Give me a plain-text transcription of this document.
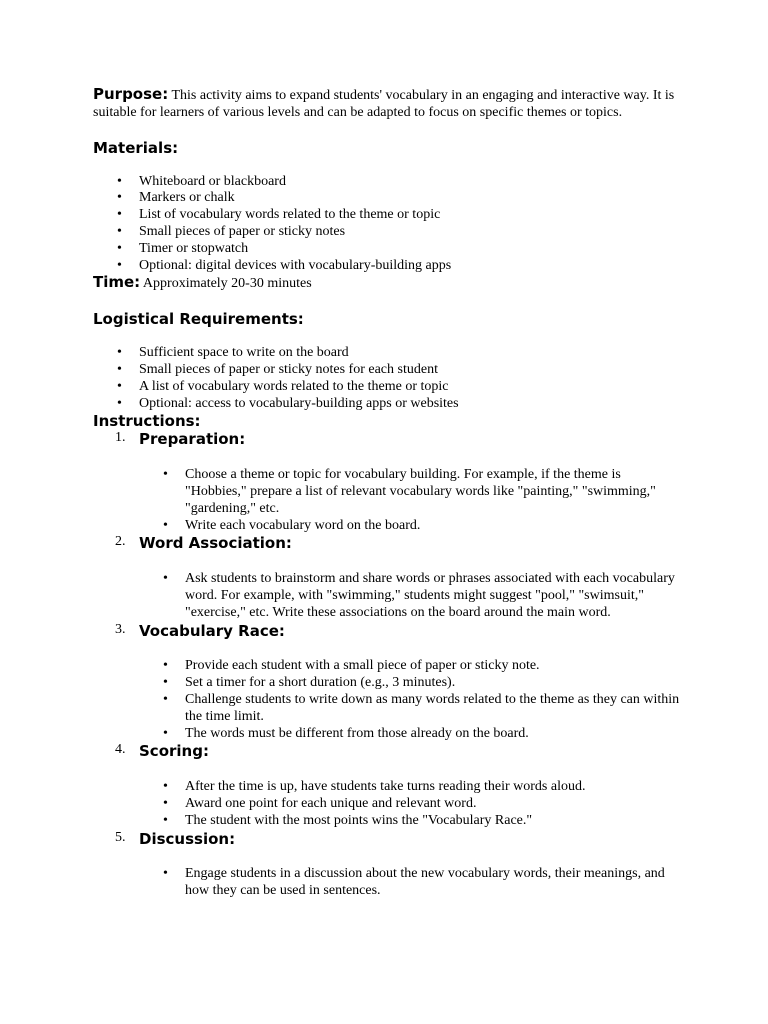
Purpose: This activity aims to expand students' vocabulary in an engaging and interactive way. It is suitable for learners of various levels and can be adapted to focus on specific themes or topics.

Materials:
• Whiteboard or blackboard
• Markers or chalk
• List of vocabulary words related to the theme or topic
• Small pieces of paper or sticky notes
• Timer or stopwatch
• Optional: digital devices with vocabulary-building apps

Time: Approximately 20-30 minutes

Logistical Requirements:
• Sufficient space to write on the board
• Small pieces of paper or sticky notes for each student
• A list of vocabulary words related to the theme or topic
• Optional: access to vocabulary-building apps or websites
Instructions:
1. Preparation:
• Choose a theme or topic for vocabulary building. For example, if the theme is "Hobbies," prepare a list of relevant vocabulary words like "painting," "swimming," "gardening," etc.
• Write each vocabulary word on the board.
2. Word Association:
• Ask students to brainstorm and share words or phrases associated with each vocabulary word. For example, with "swimming," students might suggest "pool," "swimsuit," "exercise," etc. Write these associations on the board around the main word.
3. Vocabulary Race:
• Provide each student with a small piece of paper or sticky note.
• Set a timer for a short duration (e.g., 3 minutes).
• Challenge students to write down as many words related to the theme as they can within the time limit.
• The words must be different from those already on the board.
4. Scoring:
• After the time is up, have students take turns reading their words aloud.
• Award one point for each unique and relevant word.
• The student with the most points wins the "Vocabulary Race."
5. Discussion:
• Engage students in a discussion about the new vocabulary words, their meanings, and how they can be used in sentences.
